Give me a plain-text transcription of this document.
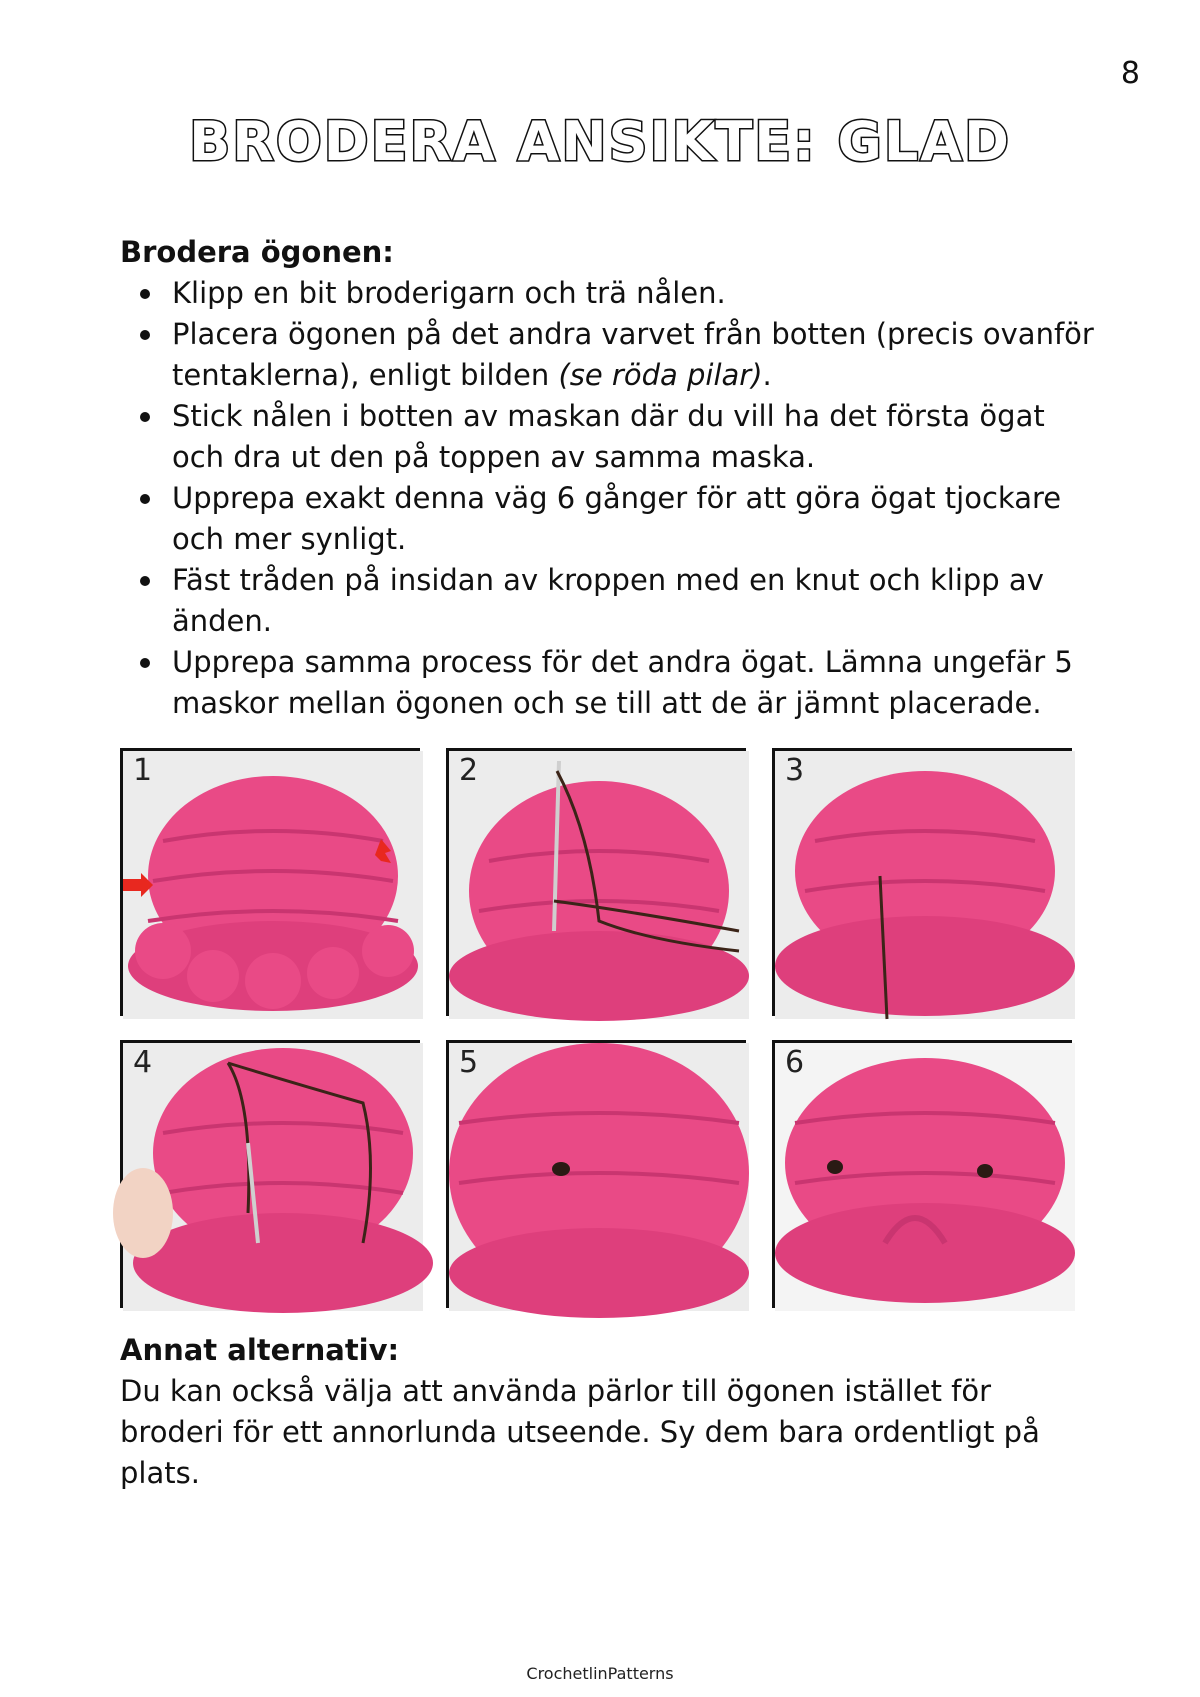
8
BRODERA ANSIKTE: GLAD

Brodera ögonen:

Klipp en bit broderigarn och trä nålen.
Placera ögonen på det andra varvet från botten (precis ovanför tentaklerna), enligt bilden (se röda pilar).
Stick nålen i botten av maskan där du vill ha det första ögat och dra ut den på toppen av samma maska.
Upprepa exakt denna väg 6 gånger för att göra ögat tjockare och mer synligt.
Fäst tråden på insidan av kroppen med en knut och klipp av änden.
Upprepa samma process för det andra ögat. Lämna ungefär 5 maskor mellan ögonen och se till att de är jämnt placerade.
1	2	3
4	5	6

Annat alternativ:

Du kan också välja att använda pärlor till ögonen istället för broderi för ett annorlunda utseende. Sy dem bara ordentligt på plats.

CrochetlinPatterns
